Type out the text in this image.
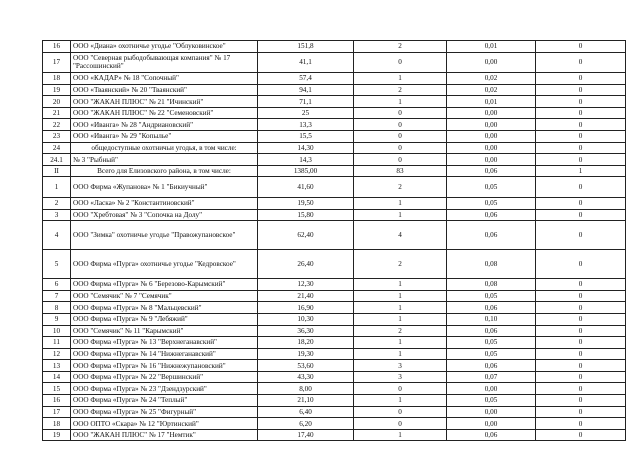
16	ООО «Диана» охотничье угодье "Облуковинское"	151,8	2	0,01	0
17	ООО "Северная рыбодобывающая компания" № 17 "Рассошинский"	41,1	0	0,00	0
18	ООО «КАДАР» № 18 "Сопочный"	57,4	1	0,02	0
19	ООО «Тваянский» № 20 "Тваянский"	94,1	2	0,02	0
20	ООО "ЖАКАН ПЛЮС" № 21 "Ичинский"	71,1	1	0,01	0
21	ООО "ЖАКАН ПЛЮС" № 22 "Семеновский"	25	0	0,00	0
22	ООО «Иванга» № 28 "Андриановский"	13,3	0	0,00	0
23	ООО «Иванга» № 29 "Копылье"	15,5	0	0,00	0
24	общедоступные охотничьи угодья, в том числе:	14,30	0	0,00	0
24.1	№ 3 "Рыбный"	14,3	0	0,00	0
II	Всего для Елизовского района, в том числе:	1385,00	83	0,06	1
1	ООО Фирма «Жупанова» № 1 "Бикиучный"	41,60	2	0,05	0
2	ООО «Ласка» № 2 "Константиновский"	19,50	1	0,05	0
3	ООО "Хребтовая" № 3 "Сопочка на Долу"	15,80	1	0,06	0
4	ООО "Зимка" охотничье угодье "Правожупановское"	62,40	4	0,06	0
5	ООО Фирма «Пурга» охотничье угодье "Кедровское"	26,40	2	0,08	0
6	ООО Фирма «Пурга» № 6 "Березово-Карымский"	12,30	1	0,08	0
7	ООО "Семячик" № 7 "Семячик"	21,40	1	0,05	0
8	ООО Фирма «Пурга» № 8 "Мальцевский"	16,90	1	0,06	0
9	ООО Фирма «Пурга» № 9 "Лебяжий"	10,30	1	0,10	0
10	ООО "Семячик" № 11 "Карымский"	36,30	2	0,06	0
11	ООО Фирма «Пурга» № 13 "Верхнеганавский"	18,20	1	0,05	0
12	ООО Фирма «Пурга» № 14 "Нижнеганавский"	19,30	1	0,05	0
13	ООО Фирма «Пурга» № 16 "Нижнежупановский"	53,60	3	0,06	0
14	ООО Фирма «Пурга» № 22 "Вершинский"	43,30	3	0,07	0
15	ООО Фирма «Пурга» № 23 "Дзендзурский"	8,00	0	0,00	0
16	ООО Фирма «Пурга» № 24 "Теплый"	21,10	1	0,05	0
17	ООО Фирма «Пурга» № 25 "Фигурный"	6,40	0	0,00	0
18	ООО ОПТО «Скара» № 12 "Юртинский"	6,20	0	0,00	0
19	ООО "ЖАКАН ПЛЮС" № 17 "Немтик"	17,40	1	0,06	0
